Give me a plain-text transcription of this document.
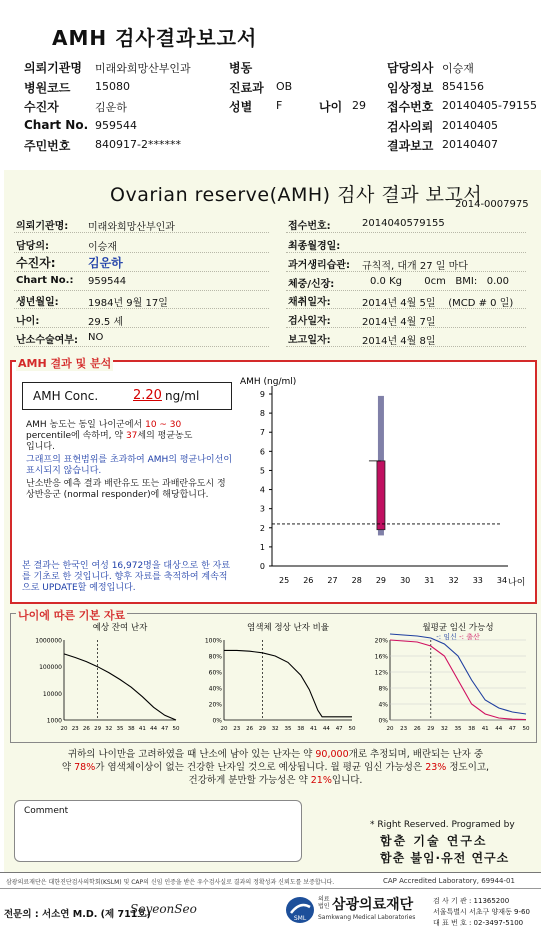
AMH 검사결과보고서
의뢰기관명 미래와희망산부인과
병원코드 15080
수진자	김운하
Chart No. 959544
주민번호 840917-2******
병동
진료과 OB
성별 F	나이 29
담당의사 이승재
임상정보 854156
접수번호 20140405-79155
검사의뢰 20140405
결과보고 20140407
Ovarian reserve(AMH) 검사 결과 보고서
2014-0007975
의뢰기관명: 미래와희망산부인과
담당의:	이승재
수진자:	김운하
Chart No.: 959544
생년월일:	1984년 9월 17일
나이:	29.5 세
난소수술여부: NO
접수번호:	2014040579155
최종월경일:
과거생리습관: 규칙적, 대개 27 일 마다
체중/신장:	0.0 Kg       0cm   BMI:   0.00
채취일자:	2014년 4월 5일    (MCD # 0 일)
검사일자:	2014년 4월 7일
보고일자:	2014년 4월 8일
AMH 결과 및 분석
AMH Conc.	2.20 ng/ml
AMH 농도는 동일 나이군에서 10 ~ 30
percentile에 속하며, 약 37세의 평균농도
입니다.
그래프의 표현범위를 초과하여 AMH의 평균나이선이 표시되지 않습니다.
난소반응 예측 결과 배란유도 또는 과배란유도시 정상반응군 (normal responder)에 해당합니다.
본 결과는 한국인 여성 16,972명을 대상으로 한 자료를 기초로 한 것입니다. 향후 자료를 축적하여 계속적으로 UPDATE할 예정입니다.
AMH (ng/ml)
0
1
2
3
4
5
6
7
8
9
25 26 27 28 29 30 31 32 33 34 나이
나이에 따른 기본 자료
예상 잔여 난자
1000000
100000
10000
1000
20 23 26 29 32 35 38 41 44 47 50
염색체 정상 난자 비율
100%
80%
60%
40%
20%
0%
20 23 26 29 32 35 38 41 44 47 50
월평균 임신 가능성
20%
16%
12%
8%
4%
0%
20 23 26 29 32 35 38 41 44 47 50
-: 임신 -: 출산
귀하의 나이만을 고려하였을 때 난소에 남아 있는 난자는 약 90,000개로 추정되며, 배란되는 난자 중
약 78%가 염색체이상이 없는 건강한 난자일 것으로 예상됩니다. 월 평균 임신 가능성은 23% 정도이고,
건강하게 분만할 가능성은 약 21%입니다.
Comment
* Right Reserved. Programed by
함춘 기술 연구소
함춘 불임·유전 연구소
삼광의료재단은 대한진단검사의학회(KSLM) 및 CAP의 신임 인증을 받은 우수검사실로 결과의 정확성과 신뢰도를 보증합니다.	CAP Accredited Laboratory, 69944-01
전문의 : 서소연 M.D. (제 711호)
SoyeonSeo
SML
의료 법인 삼광의료재단
Samkwang Medical Laboratories
검 사 기 관 : 11365200
서울특별시 서초구 양재동 9-60
대 표 번 호 : 02-3497-5100
